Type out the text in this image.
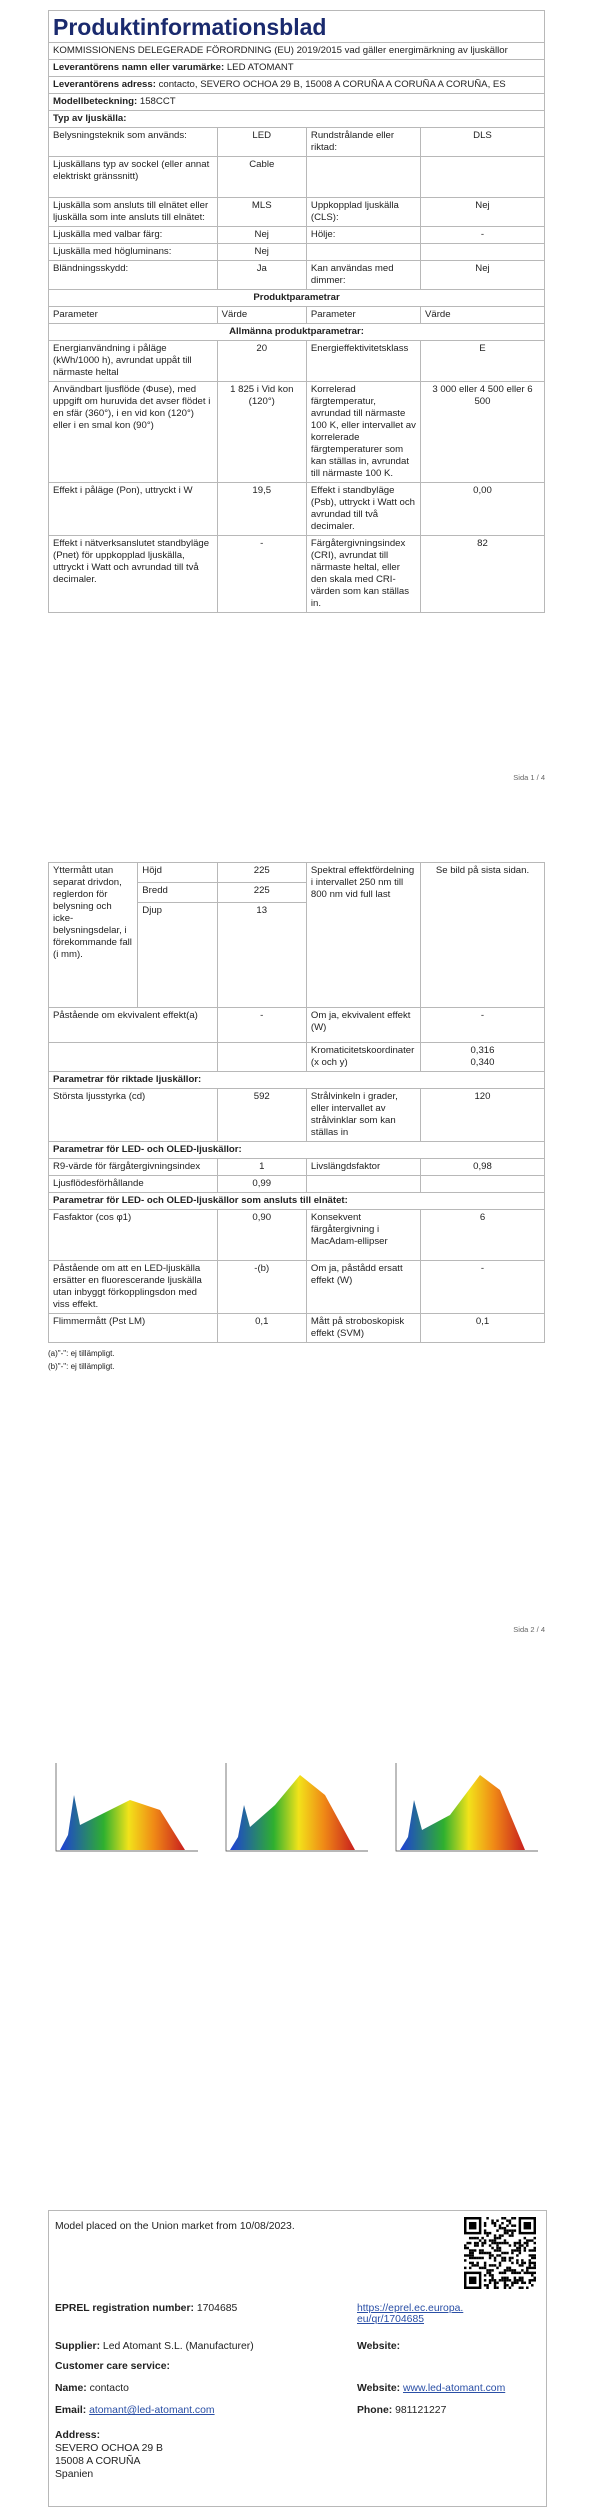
Produktinformationsblad			
KOMMISSIONENS DELEGERADE FÖRORDNING (EU) 2019/2015 vad gäller energimärkning av ljuskällor			
Leverantörens namn eller varumärke: LED ATOMANT			
Leverantörens adress: contacto, SEVERO OCHOA 29 B, 15008 A CORUÑA A CORUÑA A CORUÑA, ES			
Modellbeteckning: 158CCT			
Typ av ljuskälla:			
Belysningsteknik som används:	LED	Rundstrålande eller riktad:	DLS
Ljuskällans typ av sockel (eller annat elektriskt gränssnitt)	Cable		
Ljuskälla som ansluts till elnätet eller ljuskälla som inte ansluts till elnätet:	MLS	Uppkopplad ljuskälla (CLS):	Nej
Ljuskälla med valbar färg:	Nej	Hölje:	-
Ljuskälla med högluminans:	Nej		
Bländningsskydd:	Ja	Kan användas med dimmer:	Nej
Produktparametrar			
Parameter	Värde	Parameter	Värde
Allmänna produktparametrar:			
Energianvändning i påläge (kWh/1000 h), avrundat uppåt till närmaste heltal	20	Energieffektivitetsklass	E
Användbart ljusflöde (Φuse), med uppgift om huruvida det avser flödet i en sfär (360°), i en vid kon (120°) eller i en smal kon (90°)	1 825 i Vid kon (120°)	Korrelerad färgtemperatur, avrundad till närmaste 100 K, eller intervallet av korrelerade färgtemperaturer som kan ställas in, avrundat till närmaste 100 K.	3 000 eller 4 500 eller 6 500
Effekt i påläge (Pon), uttryckt i W	19,5	Effekt i standbyläge (Psb), uttryckt i Watt och avrundad till två decimaler.	0,00
Effekt i nätverksanslutet standbyläge (Pnet) för uppkopplad ljuskälla, uttryckt i Watt och avrundad till två decimaler.	-	Färgåtergivningsindex (CRI), avrundat till närmaste heltal, eller den skala med CRI-värden som kan ställas in.	82
Sida 1 / 4
Yttermått utan separat drivdon, reglerdon för belysning och icke-belysningsdelar, i förekommande fall (i mm).	Höjd	225	Spektral effektfördelning i intervallet 250 nm till 800 nm vid full last	Se bild på sista sidan.
	Bredd	225		
	Djup	13		
Påstående om ekvivalent effekt(a)		-	Om ja, ekvivalent effekt (W)	-
			Kromaticitetskoordinater (x och y)	0,316
0,340

Parametrar för riktade ljuskällor:				
Största ljusstyrka (cd)		592	Strålvinkeln i grader, eller intervallet av strålvinklar som kan ställas in	120
Parametrar för LED- och OLED-ljuskällor:				
R9-värde för färgåtergivningsindex		1	Livslängdsfaktor	0,98
Ljusflödesförhållande		0,99		
Parametrar för LED- och OLED-ljuskällor som ansluts till elnätet:				
Fasfaktor (cos φ1)		0,90	Konsekvent färgåtergivning i MacAdam-ellipser	6
Påstående om att en LED-ljuskälla ersätter en fluorescerande ljuskälla utan inbyggt förkopplingsdon med viss effekt.		-(b)	Om ja, påstådd ersatt effekt (W)	-
Flimmermått (Pst LM)		0,1	Mått på stroboskopisk effekt (SVM)	0,1
(a)"-": ej tillämpligt.
(b)"-": ej tillämpligt.
Sida 2 / 4
Model placed on the Union market from 10/08/2023.
EPREL registration number: 1704685	https://eprel.ec.europa.eu/qr/1704685
Supplier: Led Atomant S.L. (Manufacturer)	Website:
Customer care service:
Name: contacto	Website: www.led-atomant.com
Email: atomant@led-atomant.com	Phone: 981121227
Address:
SEVERO OCHOA 29 B
15008 A CORUÑA
Spanien
